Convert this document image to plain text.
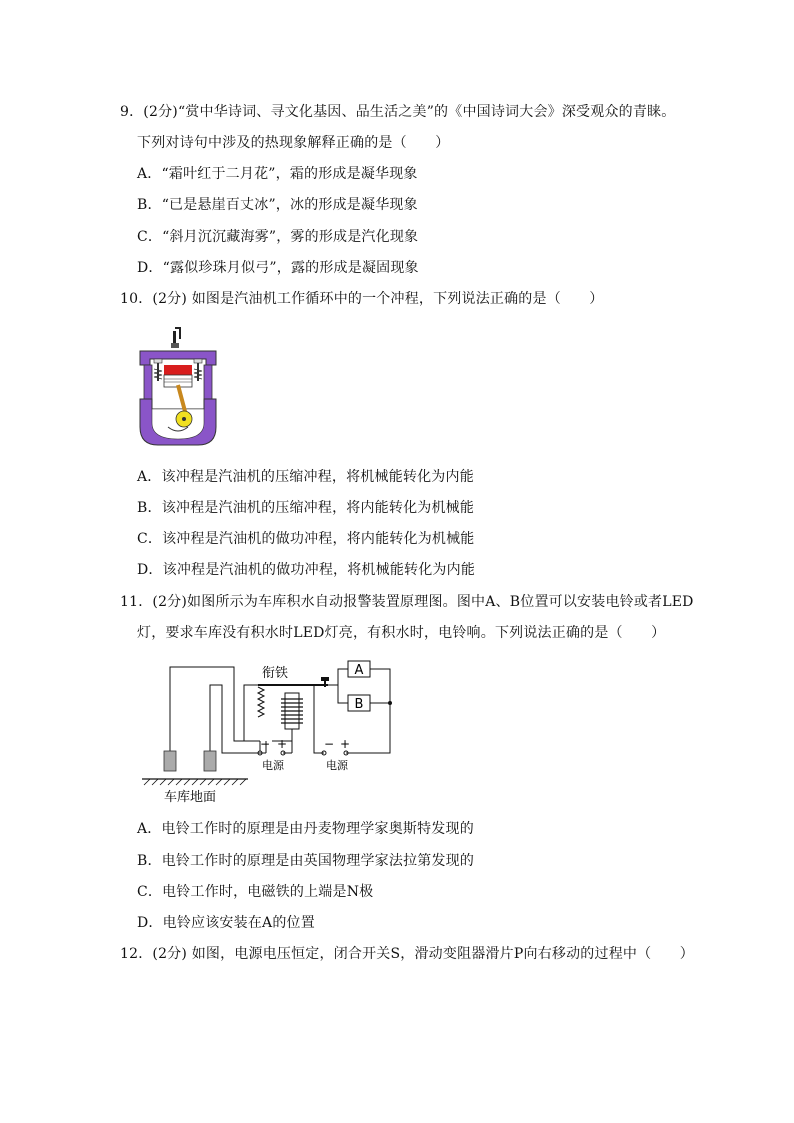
9．(2分)“赏中华诗词、寻文化基因、品生活之美”的《中国诗词大会》深受观众的青睐。
下列对诗句中涉及的热现象解释正确的是（　　）
A．“霜叶红于二月花”，霜的形成是凝华现象
B．“已是悬崖百丈冰”，冰的形成是凝华现象
C．“斜月沉沉藏海雾”，雾的形成是汽化现象
D．“露似珍珠月似弓”，露的形成是凝固现象
10．(2分) 如图是汽油机工作循环中的一个冲程，下列说法正确的是（　　）
A．该冲程是汽油机的压缩冲程，将机械能转化为内能
B．该冲程是汽油机的压缩冲程，将内能转化为机械能
C．该冲程是汽油机的做功冲程，将内能转化为机械能
D．该冲程是汽油机的做功冲程，将机械能转化为内能
11．(2分)如图所示为车库积水自动报警装置原理图。图中A、B位置可以安装电铃或者LED
灯，要求车库没有积水时LED灯亮，有积水时，电铃响。下列说法正确的是（　　）
A
B
衔铁
− +
电源
− +
电源
车库地面
A．电铃工作时的原理是由丹麦物理学家奥斯特发现的
B．电铃工作时的原理是由英国物理学家法拉第发现的
C．电铃工作时，电磁铁的上端是N极
D．电铃应该安装在A的位置
12．(2分) 如图，电源电压恒定，闭合开关S，滑动变阻器滑片P向右移动的过程中（　　）
